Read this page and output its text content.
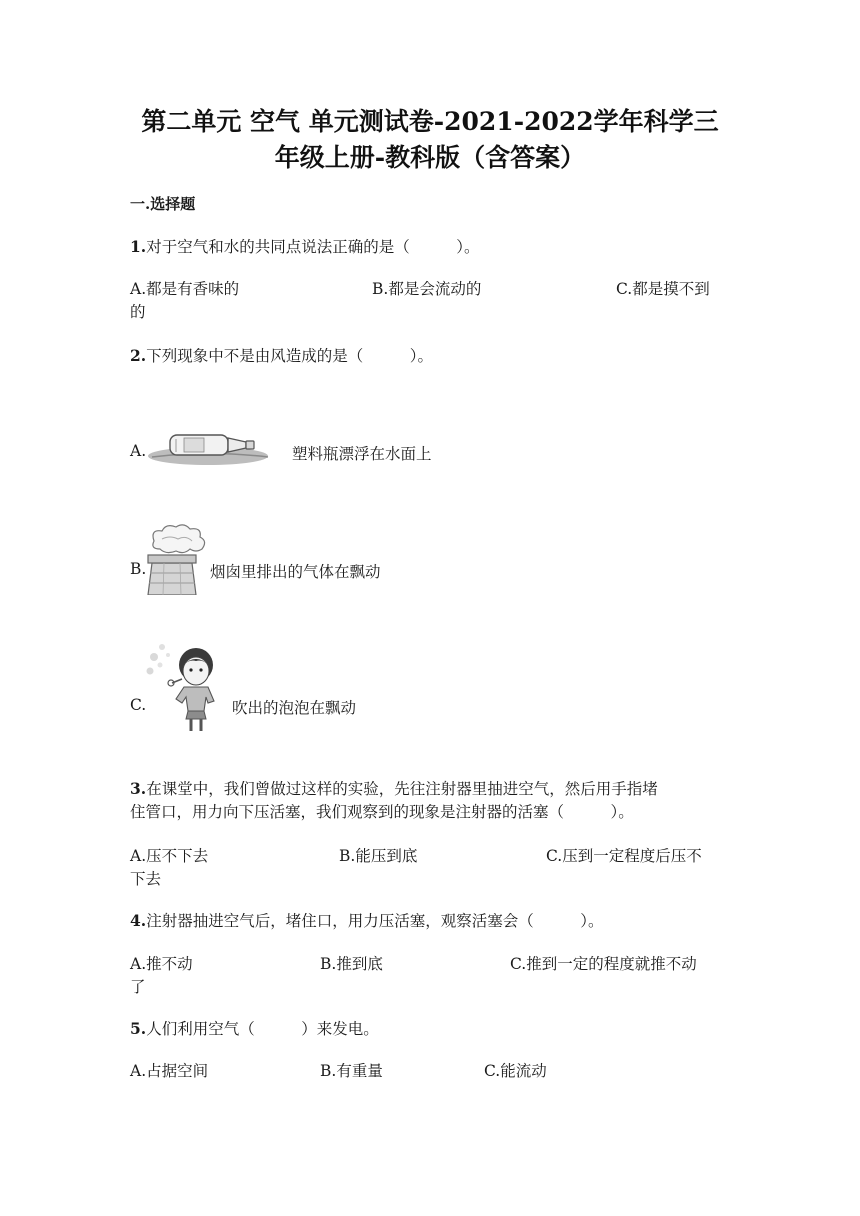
第二单元 空气 单元测试卷-2021-2022学年科学三
年级上册-教科版（含答案）
一.选择题
1.对于空气和水的共同点说法正确的是（　　　）。
A.都是有香味的	B.都是会流动的	C.都是摸不到
的
2.下列现象中不是由风造成的是（　　　）。
A.	塑料瓶漂浮在水面上
B.	烟囱里排出的气体在飘动
C.	吹出的泡泡在飘动
3.在课堂中，我们曾做过这样的实验，先往注射器里抽进空气，然后用手指堵
住管口，用力向下压活塞，我们观察到的现象是注射器的活塞（　　　）。
A.压不下去	B.能压到底	C.压到一定程度后压不
下去
4.注射器抽进空气后，堵住口，用力压活塞，观察活塞会（　　　）。
A.推不动	B.推到底	C.推到一定的程度就推不动
了
5.人们利用空气（　　　）来发电。
A.占据空间	B.有重量	C.能流动
